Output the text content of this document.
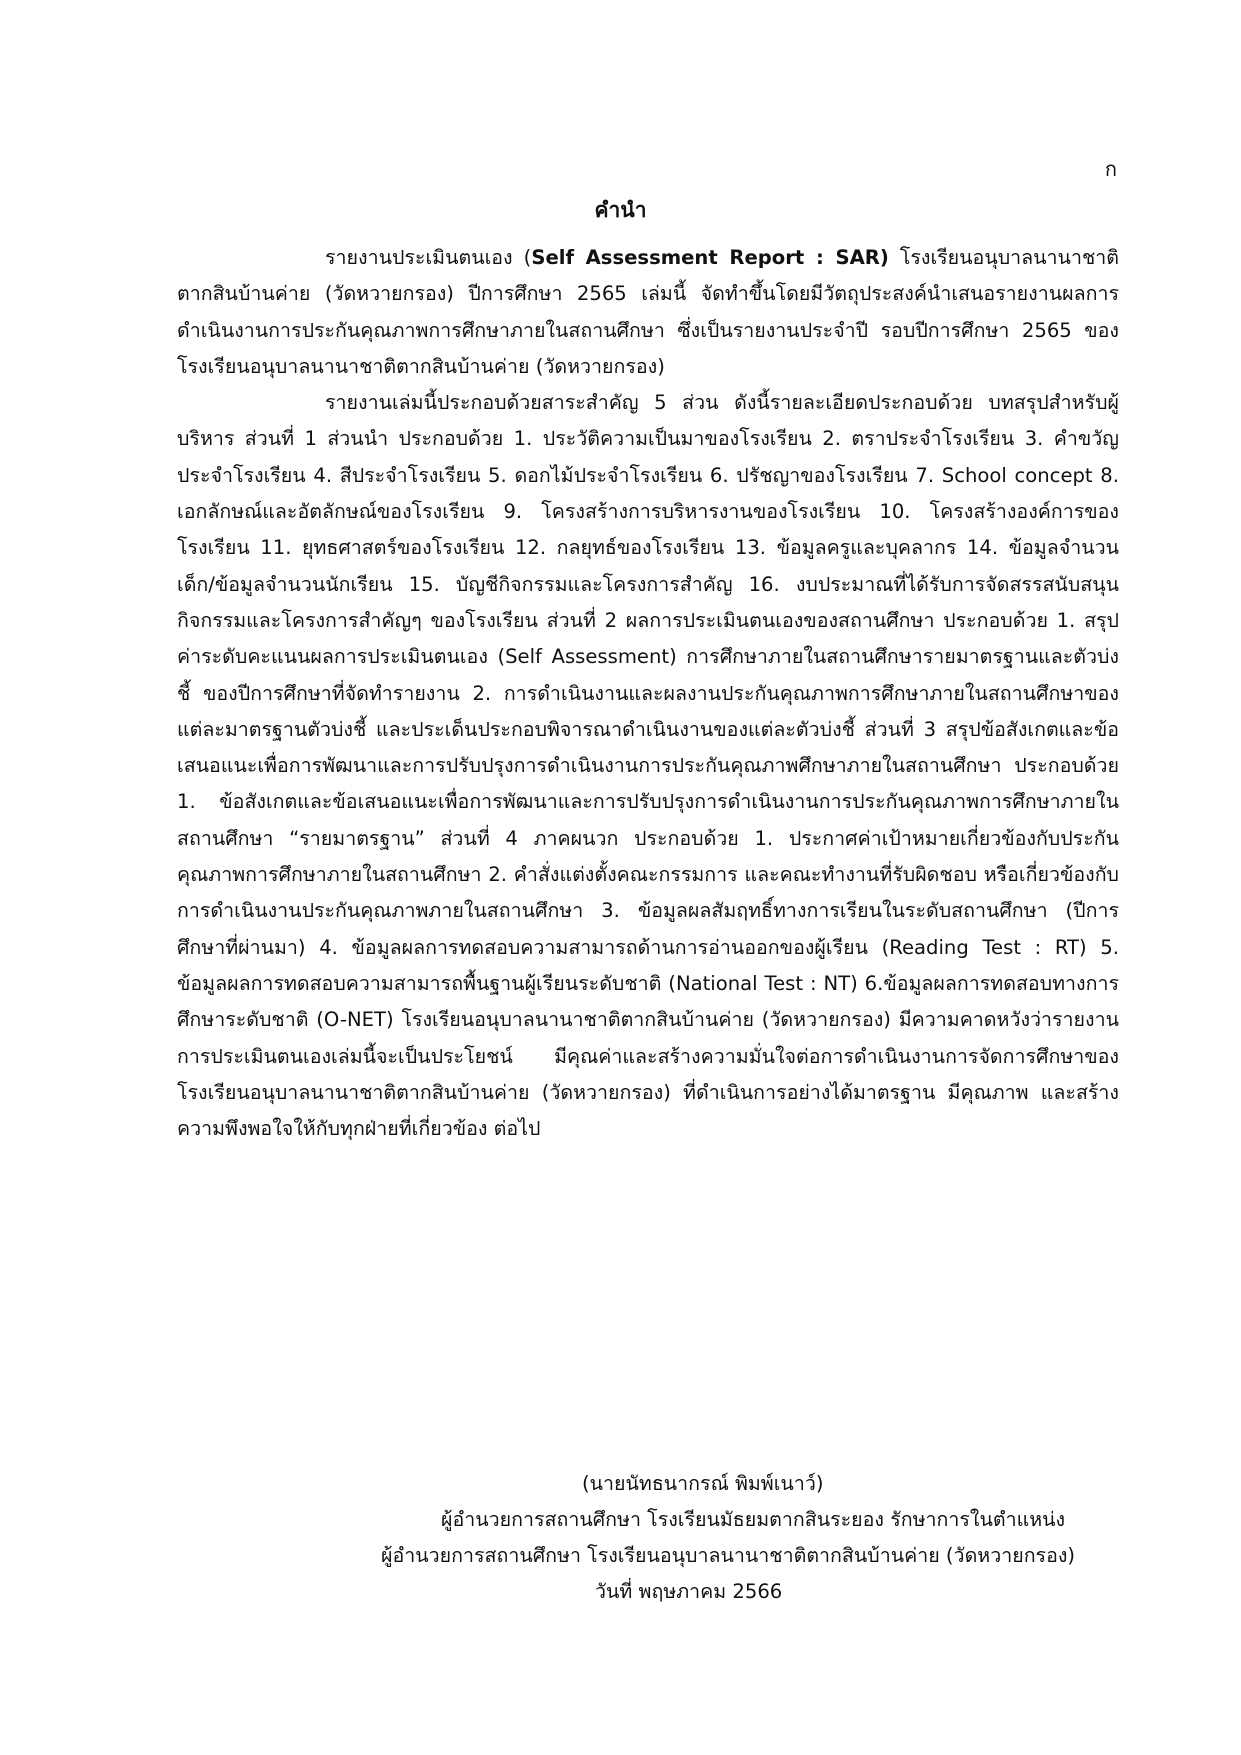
ก
คำนำ

รายงานประเมินตนเอง (Self Assessment Report : SAR) โรงเรียนอนุบาลนานาชาติตากสินบ้านค่าย (วัดหวายกรอง) ปีการศึกษา 2565 เล่มนี้ จัดทำขึ้นโดยมีวัตถุประสงค์นำเสนอรายงานผลการดำเนินงานการประกันคุณภาพการศึกษาภายในสถานศึกษา ซึ่งเป็นรายงานประจำปี รอบปีการศึกษา 2565 ของโรงเรียนอนุบาลนานาชาติตากสินบ้านค่าย (วัดหวายกรอง)

รายงานเล่มนี้ประกอบด้วยสาระสำคัญ 5 ส่วน ดังนี้รายละเอียดประกอบด้วย บทสรุปสำหรับผู้บริหาร ส่วนที่ 1 ส่วนนำ ประกอบด้วย 1. ประวัติความเป็นมาของโรงเรียน 2. ตราประจำโรงเรียน 3. คำขวัญประจำโรงเรียน 4. สีประจำโรงเรียน 5. ดอกไม้ประจำโรงเรียน 6. ปรัชญาของโรงเรียน 7. School concept 8. เอกลักษณ์และอัตลักษณ์ของโรงเรียน 9. โครงสร้างการบริหารงานของโรงเรียน 10. โครงสร้างองค์การของโรงเรียน 11. ยุทธศาสตร์ของโรงเรียน 12. กลยุทธ์ของโรงเรียน 13. ข้อมูลครูและบุคลากร 14. ข้อมูลจำนวนเด็ก/ข้อมูลจำนวนนักเรียน 15. บัญชีกิจกรรมและโครงการสำคัญ 16. งบประมาณที่ได้รับการจัดสรรสนับสนุนกิจกรรมและโครงการสำคัญๆ ของโรงเรียน ส่วนที่ 2 ผลการประเมินตนเองของสถานศึกษา ประกอบด้วย 1. สรุปค่าระดับคะแนนผลการประเมินตนเอง (Self Assessment) การศึกษาภายในสถานศึกษารายมาตรฐานและตัวบ่งชี้ ของปีการศึกษาที่จัดทำรายงาน 2. การดำเนินงานและผลงานประกันคุณภาพการศึกษาภายในสถานศึกษาของแต่ละมาตรฐานตัวบ่งชี้ และประเด็นประกอบพิจารณาดำเนินงานของแต่ละตัวบ่งชี้ ส่วนที่ 3 สรุปข้อสังเกตและข้อเสนอแนะเพื่อการพัฒนาและการปรับปรุงการดำเนินงานการประกันคุณภาพศึกษาภายในสถานศึกษา ประกอบด้วย 1. ข้อสังเกตและข้อเสนอแนะเพื่อการพัฒนาและการปรับปรุงการดำเนินงานการประกันคุณภาพการศึกษาภายในสถานศึกษา “รายมาตรฐาน” ส่วนที่ 4 ภาคผนวก ประกอบด้วย 1. ประกาศค่าเป้าหมายเกี่ยวข้องกับประกันคุณภาพการศึกษาภายในสถานศึกษา 2. คำสั่งแต่งตั้งคณะกรรมการ และคณะทำงานที่รับผิดชอบ หรือเกี่ยวข้องกับการดำเนินงานประกันคุณภาพภายในสถานศึกษา 3. ข้อมูลผลสัมฤทธิ์ทางการเรียนในระดับสถานศึกษา (ปีการศึกษาที่ผ่านมา) 4. ข้อมูลผลการทดสอบความสามารถด้านการอ่านออกของผู้เรียน (Reading Test : RT) 5. ข้อมูลผลการทดสอบความสามารถพื้นฐานผู้เรียนระดับชาติ (National Test : NT) 6.ข้อมูลผลการทดสอบทางการศึกษาระดับชาติ (O-NET) โรงเรียนอนุบาลนานาชาติตากสินบ้านค่าย (วัดหวายกรอง) มีความคาดหวังว่ารายงานการประเมินตนเองเล่มนี้จะเป็นประโยชน์ มีคุณค่าและสร้างความมั่นใจต่อการดำเนินงานการจัดการศึกษาของโรงเรียนอนุบาลนานาชาติตากสินบ้านค่าย (วัดหวายกรอง) ที่ดำเนินการอย่างได้มาตรฐาน มีคุณภาพ และสร้างความพึงพอใจให้กับทุกฝ่ายที่เกี่ยวข้อง ต่อไป

(นายนัทธนากรณ์ พิมพ์เนาว์)
ผู้อำนวยการสถานศึกษา โรงเรียนมัธยมตากสินระยอง รักษาการในตำแหน่ง
ผู้อำนวยการสถานศึกษา โรงเรียนอนุบาลนานาชาติตากสินบ้านค่าย (วัดหวายกรอง)
วันที่ พฤษภาคม 2566
